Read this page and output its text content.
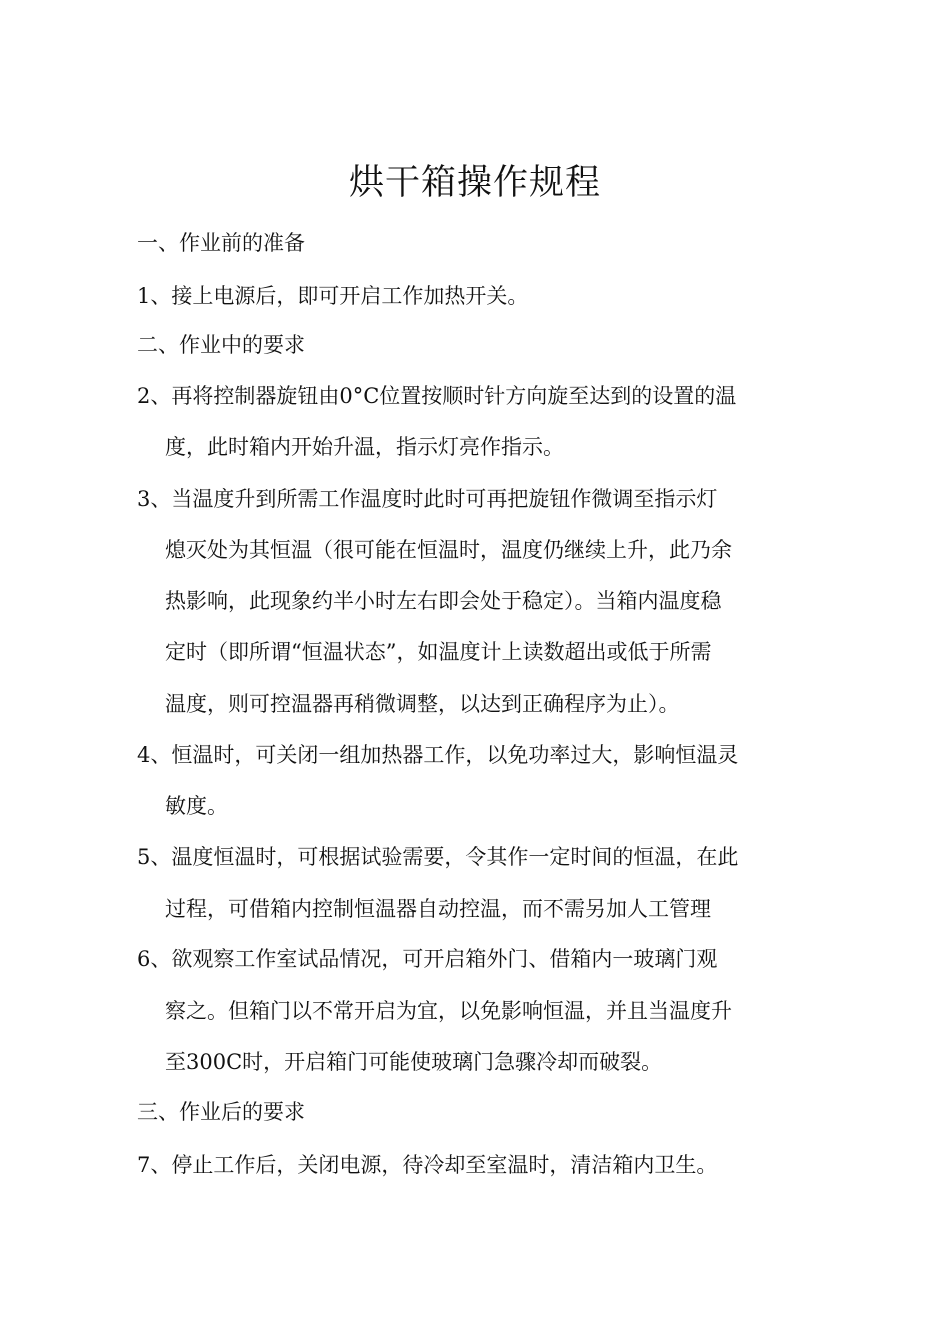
烘干箱操作规程
一、作业前的准备
1、接上电源后，即可开启工作加热开关。
二、作业中的要求
2、再将控制器旋钮由0°C位置按顺时针方向旋至达到的设置的温
度，此时箱内开始升温，指示灯亮作指示。
3、当温度升到所需工作温度时此时可再把旋钮作微调至指示灯
熄灭处为其恒温（很可能在恒温时，温度仍继续上升，此乃余
热影响，此现象约半小时左右即会处于稳定）。当箱内温度稳
定时（即所谓“恒温状态”，如温度计上读数超出或低于所需
温度，则可控温器再稍微调整，以达到正确程序为止）。
4、恒温时，可关闭一组加热器工作，以免功率过大，影响恒温灵
敏度。
5、温度恒温时，可根据试验需要，令其作一定时间的恒温，在此
过程，可借箱内控制恒温器自动控温，而不需另加人工管理
6、欲观察工作室试品情况，可开启箱外门、借箱内一玻璃门观
察之。但箱门以不常开启为宜，以免影响恒温，并且当温度升
至300C时，开启箱门可能使玻璃门急骤冷却而破裂。
三、作业后的要求
7、停止工作后，关闭电源，待冷却至室温时，清洁箱内卫生。
